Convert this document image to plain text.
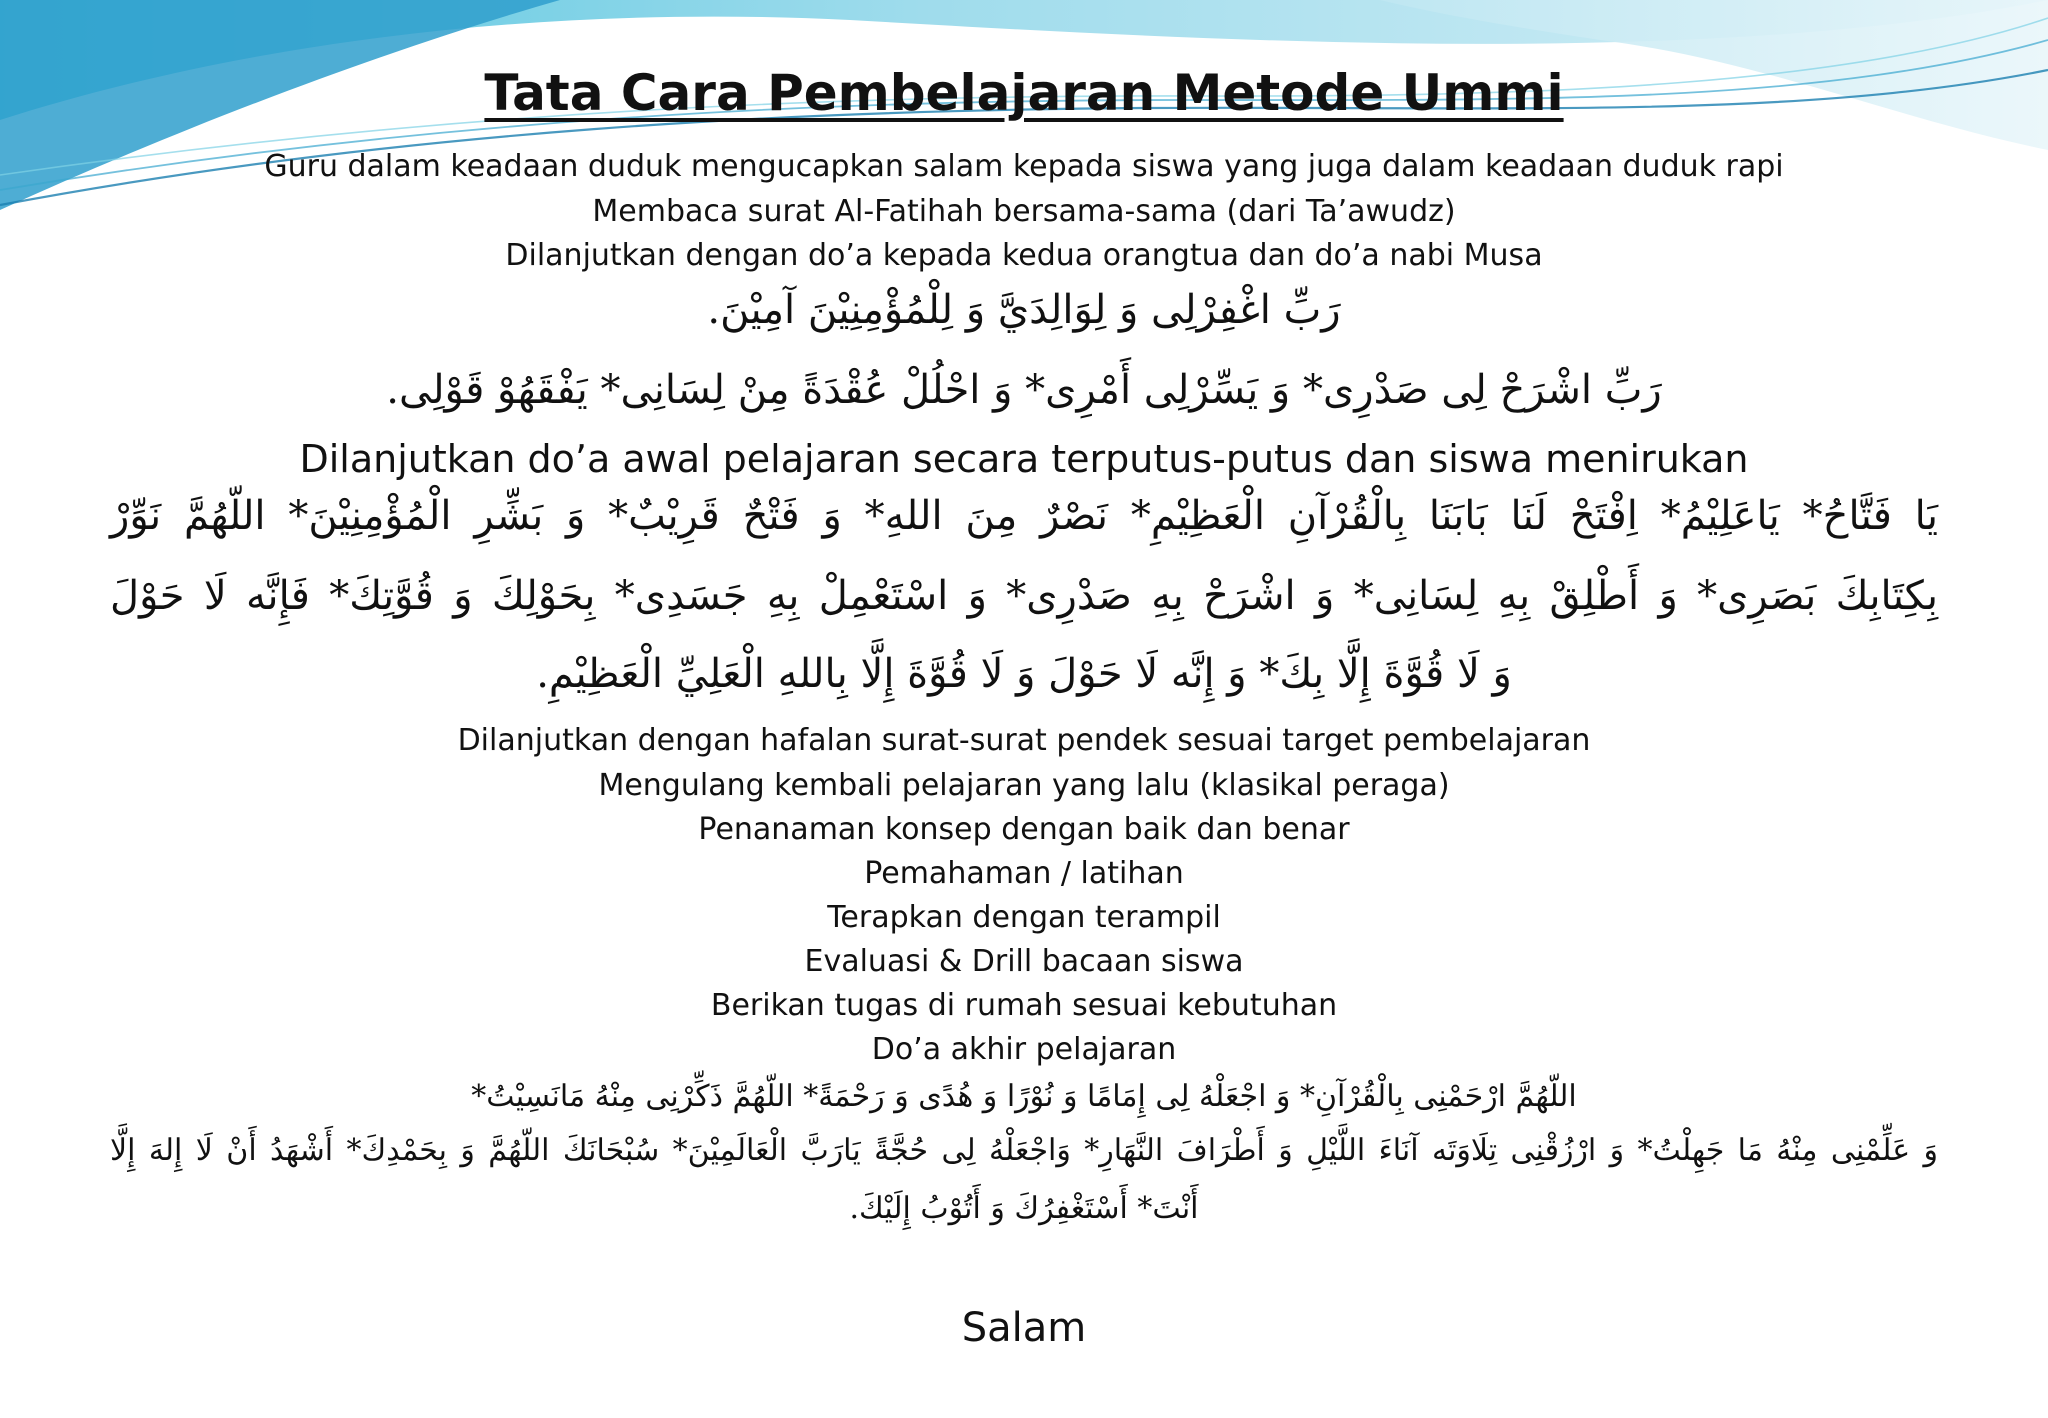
Tata Cara Pembelajaran Metode Ummi
Guru dalam keadaan duduk mengucapkan salam kepada siswa yang juga dalam keadaan duduk rapi
Membaca surat Al-Fatihah bersama-sama (dari Ta’awudz)
Dilanjutkan dengan do’a kepada kedua orangtua dan do’a nabi Musa
رَبِّ اغْفِرْلِى وَ لِوَالِدَيَّ وَ لِلْمُؤْمِنِيْنَ آمِيْنَ.
رَبِّ اشْرَحْ لِى صَدْرِى* وَ يَسِّرْلِى أَمْرِى* وَ احْلُلْ عُقْدَةً مِنْ لِسَانِى* يَفْقَهُوْ قَوْلِى.
Dilanjutkan do’a awal pelajaran secara terputus-putus dan siswa menirukan
يَا فَتَّاحُ* يَاعَلِيْمُ* اِفْتَحْ لَنَا بَابَنَا بِالْقُرْآنِ الْعَظِيْمِ* نَصْرٌ مِنَ اللهِ* وَ فَتْحٌ قَرِيْبٌ* وَ بَشِّرِ الْمُؤْمِنِيْنَ* اللّهُمَّ نَوِّرْ
بِكِتَابِكَ بَصَرِى* وَ أَطْلِقْ بِهِ لِسَانِى* وَ اشْرَحْ بِهِ صَدْرِى* وَ اسْتَعْمِلْ بِهِ جَسَدِى* بِحَوْلِكَ وَ قُوَّتِكَ* فَإِنَّه لَا حَوْلَ
وَ لَا قُوَّةَ إِلَّا بِكَ* وَ إِنَّه لَا حَوْلَ وَ لَا قُوَّةَ إِلَّا بِاللهِ الْعَلِيِّ الْعَظِيْمِ.
Dilanjutkan dengan hafalan surat-surat pendek sesuai target pembelajaran
Mengulang kembali pelajaran yang lalu (klasikal peraga)
Penanaman konsep dengan baik dan benar
Pemahaman / latihan
Terapkan dengan terampil
Evaluasi & Drill bacaan siswa
Berikan tugas di rumah sesuai kebutuhan
Do’a akhir pelajaran
اللّهُمَّ ارْحَمْنِى بِالْقُرْآنِ* وَ اجْعَلْهُ لِى إِمَامًا وَ نُوْرًا وَ هُدًى وَ رَحْمَةً* اللّهُمَّ ذَكِّرْنِى مِنْهُ مَانَسِيْتُ*
وَ عَلِّمْنِى مِنْهُ مَا جَهِلْتُ* وَ ارْزُقْنِى تِلَاوَتَه آنَاءَ اللَّيْلِ وَ أَطْرَافَ النَّهَارِ* وَاجْعَلْهُ لِى حُجَّةً يَارَبَّ الْعَالَمِيْنَ* سُبْحَانَكَ اللّهُمَّ وَ بِحَمْدِكَ* أَشْهَدُ أَنْ لَا إِلهَ إِلَّا
أَنْتَ* أَسْتَغْفِرُكَ وَ أَتُوْبُ إِلَيْكَ.
Salam
